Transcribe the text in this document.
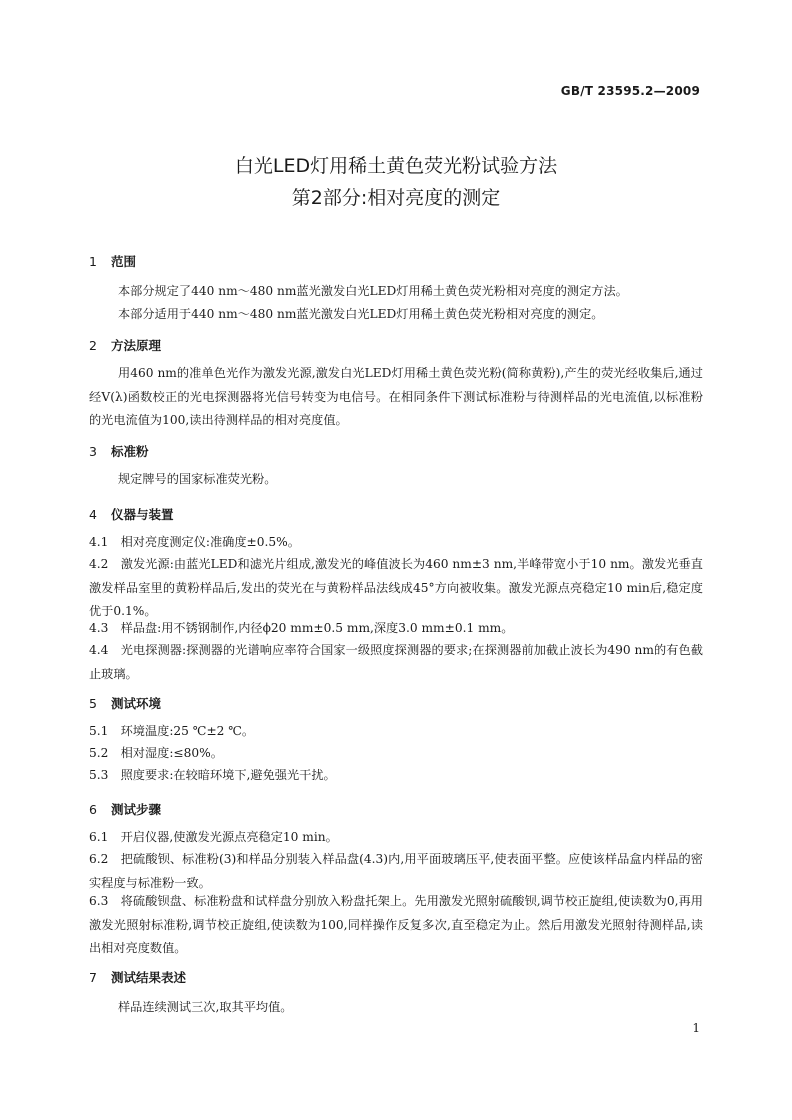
GB/T 23595.2—2009
白光LED灯用稀土黄色荧光粉试验方法
第2部分:相对亮度的测定
1 范围
本部分规定了440 nm～480 nm蓝光激发白光LED灯用稀土黄色荧光粉相对亮度的测定方法。
本部分适用于440 nm～480 nm蓝光激发白光LED灯用稀土黄色荧光粉相对亮度的测定。
2 方法原理
用460 nm的准单色光作为激发光源,激发白光LED灯用稀土黄色荧光粉(简称黄粉),产生的荧光经收集后,通过经V(λ)函数校正的光电探测器将光信号转变为电信号。在相同条件下测试标准粉与待测样品的光电流值,以标准粉的光电流值为100,读出待测样品的相对亮度值。
3 标准粉
规定牌号的国家标准荧光粉。
4 仪器与装置
4.1　相对亮度测定仪:准确度±0.5%。
4.2　激发光源:由蓝光LED和滤光片组成,激发光的峰值波长为460 nm±3 nm,半峰带宽小于10 nm。激发光垂直激发样品室里的黄粉样品后,发出的荧光在与黄粉样品法线成45°方向被收集。激发光源点亮稳定10 min后,稳定度优于0.1%。
4.3　样品盘:用不锈钢制作,内径ϕ20 mm±0.5 mm,深度3.0 mm±0.1 mm。
4.4　光电探测器:探测器的光谱响应率符合国家一级照度探测器的要求;在探测器前加截止波长为490 nm的有色截止玻璃。
5 测试环境
5.1　环境温度:25 ℃±2 ℃。
5.2　相对湿度:≤80%。
5.3　照度要求:在较暗环境下,避免强光干扰。
6 测试步骤
6.1　开启仪器,使激发光源点亮稳定10 min。
6.2　把硫酸钡、标准粉(3)和样品分别装入样品盘(4.3)内,用平面玻璃压平,使表面平整。应使该样品盒内样品的密实程度与标准粉一致。
6.3　将硫酸钡盘、标准粉盘和试样盘分别放入粉盘托架上。先用激发光照射硫酸钡,调节校正旋组,使读数为0,再用激发光照射标准粉,调节校正旋组,使读数为100,同样操作反复多次,直至稳定为止。然后用激发光照射待测样品,读出相对亮度数值。
7 测试结果表述
样品连续测试三次,取其平均值。
1
